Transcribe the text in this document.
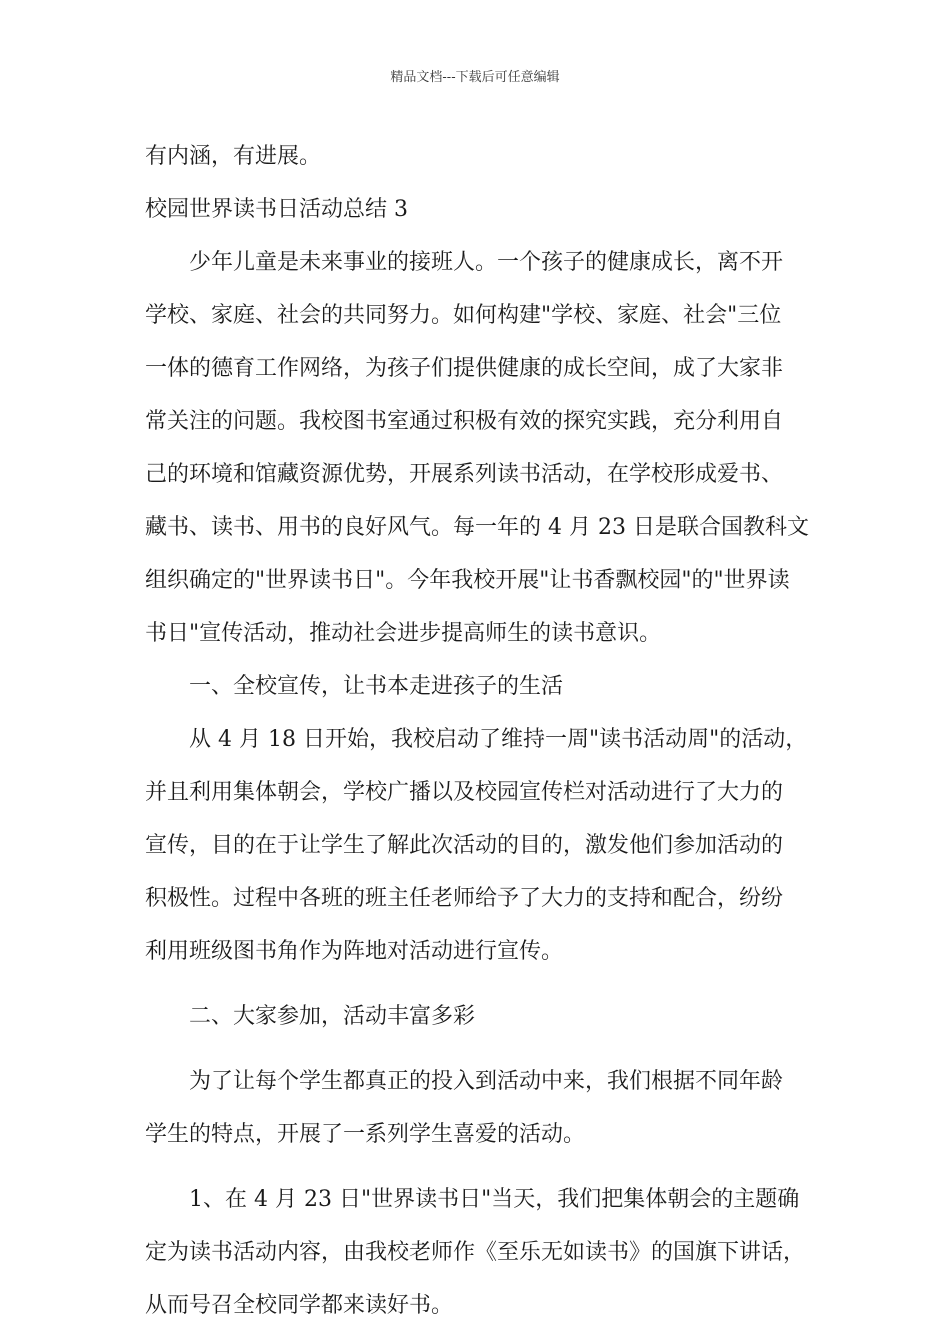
精品文档---下载后可任意编辑
有内涵，有进展。
校园世界读书日活动总结 3
少年儿童是未来事业的接班人。一个孩子的健康成长，离不开
学校、家庭、社会的共同努力。如何构建"学校、家庭、社会"三位
一体的德育工作网络，为孩子们提供健康的成长空间，成了大家非
常关注的问题。我校图书室通过积极有效的探究实践，充分利用自
己的环境和馆藏资源优势，开展系列读书活动，在学校形成爱书、
藏书、读书、用书的良好风气。每一年的 4 月 23 日是联合国教科文
组织确定的"世界读书日"。今年我校开展"让书香飘校园"的"世界读
书日"宣传活动，推动社会进步提高师生的读书意识。
一、全校宣传，让书本走进孩子的生活
从 4 月 18 日开始，我校启动了维持一周"读书活动周"的活动，
并且利用集体朝会，学校广播以及校园宣传栏对活动进行了大力的
宣传，目的在于让学生了解此次活动的目的，激发他们参加活动的
积极性。过程中各班的班主任老师给予了大力的支持和配合，纷纷
利用班级图书角作为阵地对活动进行宣传。
二、大家参加，活动丰富多彩
为了让每个学生都真正的投入到活动中来，我们根据不同年龄
学生的特点，开展了一系列学生喜爱的活动。
1、在 4 月 23 日"世界读书日"当天，我们把集体朝会的主题确
定为读书活动内容，由我校老师作《至乐无如读书》的国旗下讲话，
从而号召全校同学都来读好书。
